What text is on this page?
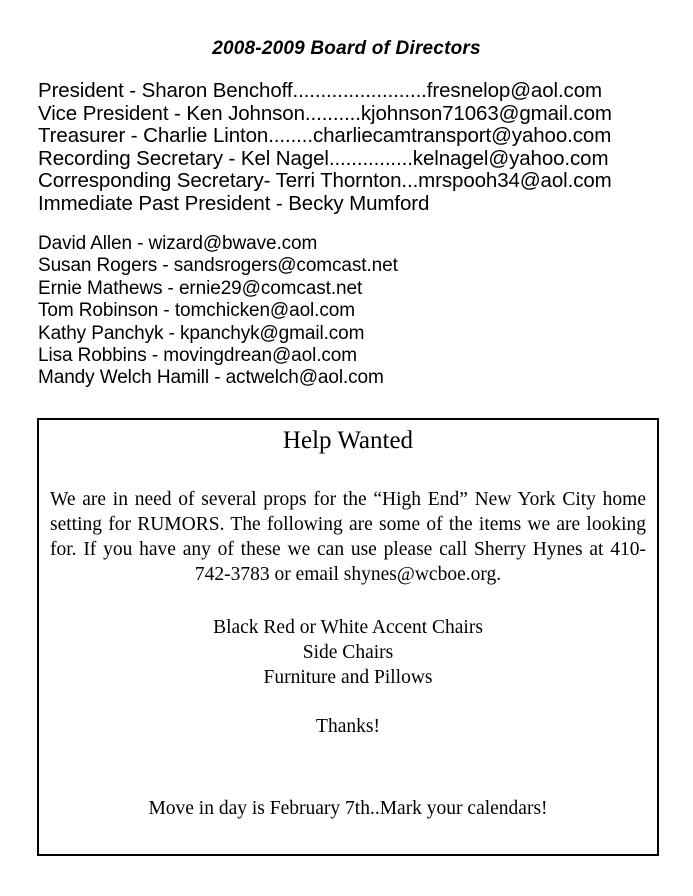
2008-2009 Board of Directors
President - Sharon Benchoff........................fresnelop@aol.com
Vice President - Ken Johnson..........kjohnson71063@gmail.com
Treasurer - Charlie Linton........charliecamtransport@yahoo.com
Recording Secretary - Kel Nagel...............kelnagel@yahoo.com
Corresponding Secretary- Terri Thornton...mrspooh34@aol.com
Immediate Past President - Becky Mumford
David Allen - wizard@bwave.com
Susan Rogers - sandsrogers@comcast.net
Ernie Mathews - ernie29@comcast.net
Tom Robinson - tomchicken@aol.com
Kathy Panchyk - kpanchyk@gmail.com
Lisa Robbins - movingdrean@aol.com
Mandy Welch Hamill - actwelch@aol.com
Help Wanted
We are in need of several props for the “High End” New York City home setting for RUMORS. The following are some of the items we are looking for. If you have any of these we can use please call Sherry Hynes at 410-742-3783 or email shynes@wcboe.org.
Black Red or White Accent Chairs
Side Chairs
Furniture and Pillows
Thanks!
Move in day is February 7th..Mark your calendars!
